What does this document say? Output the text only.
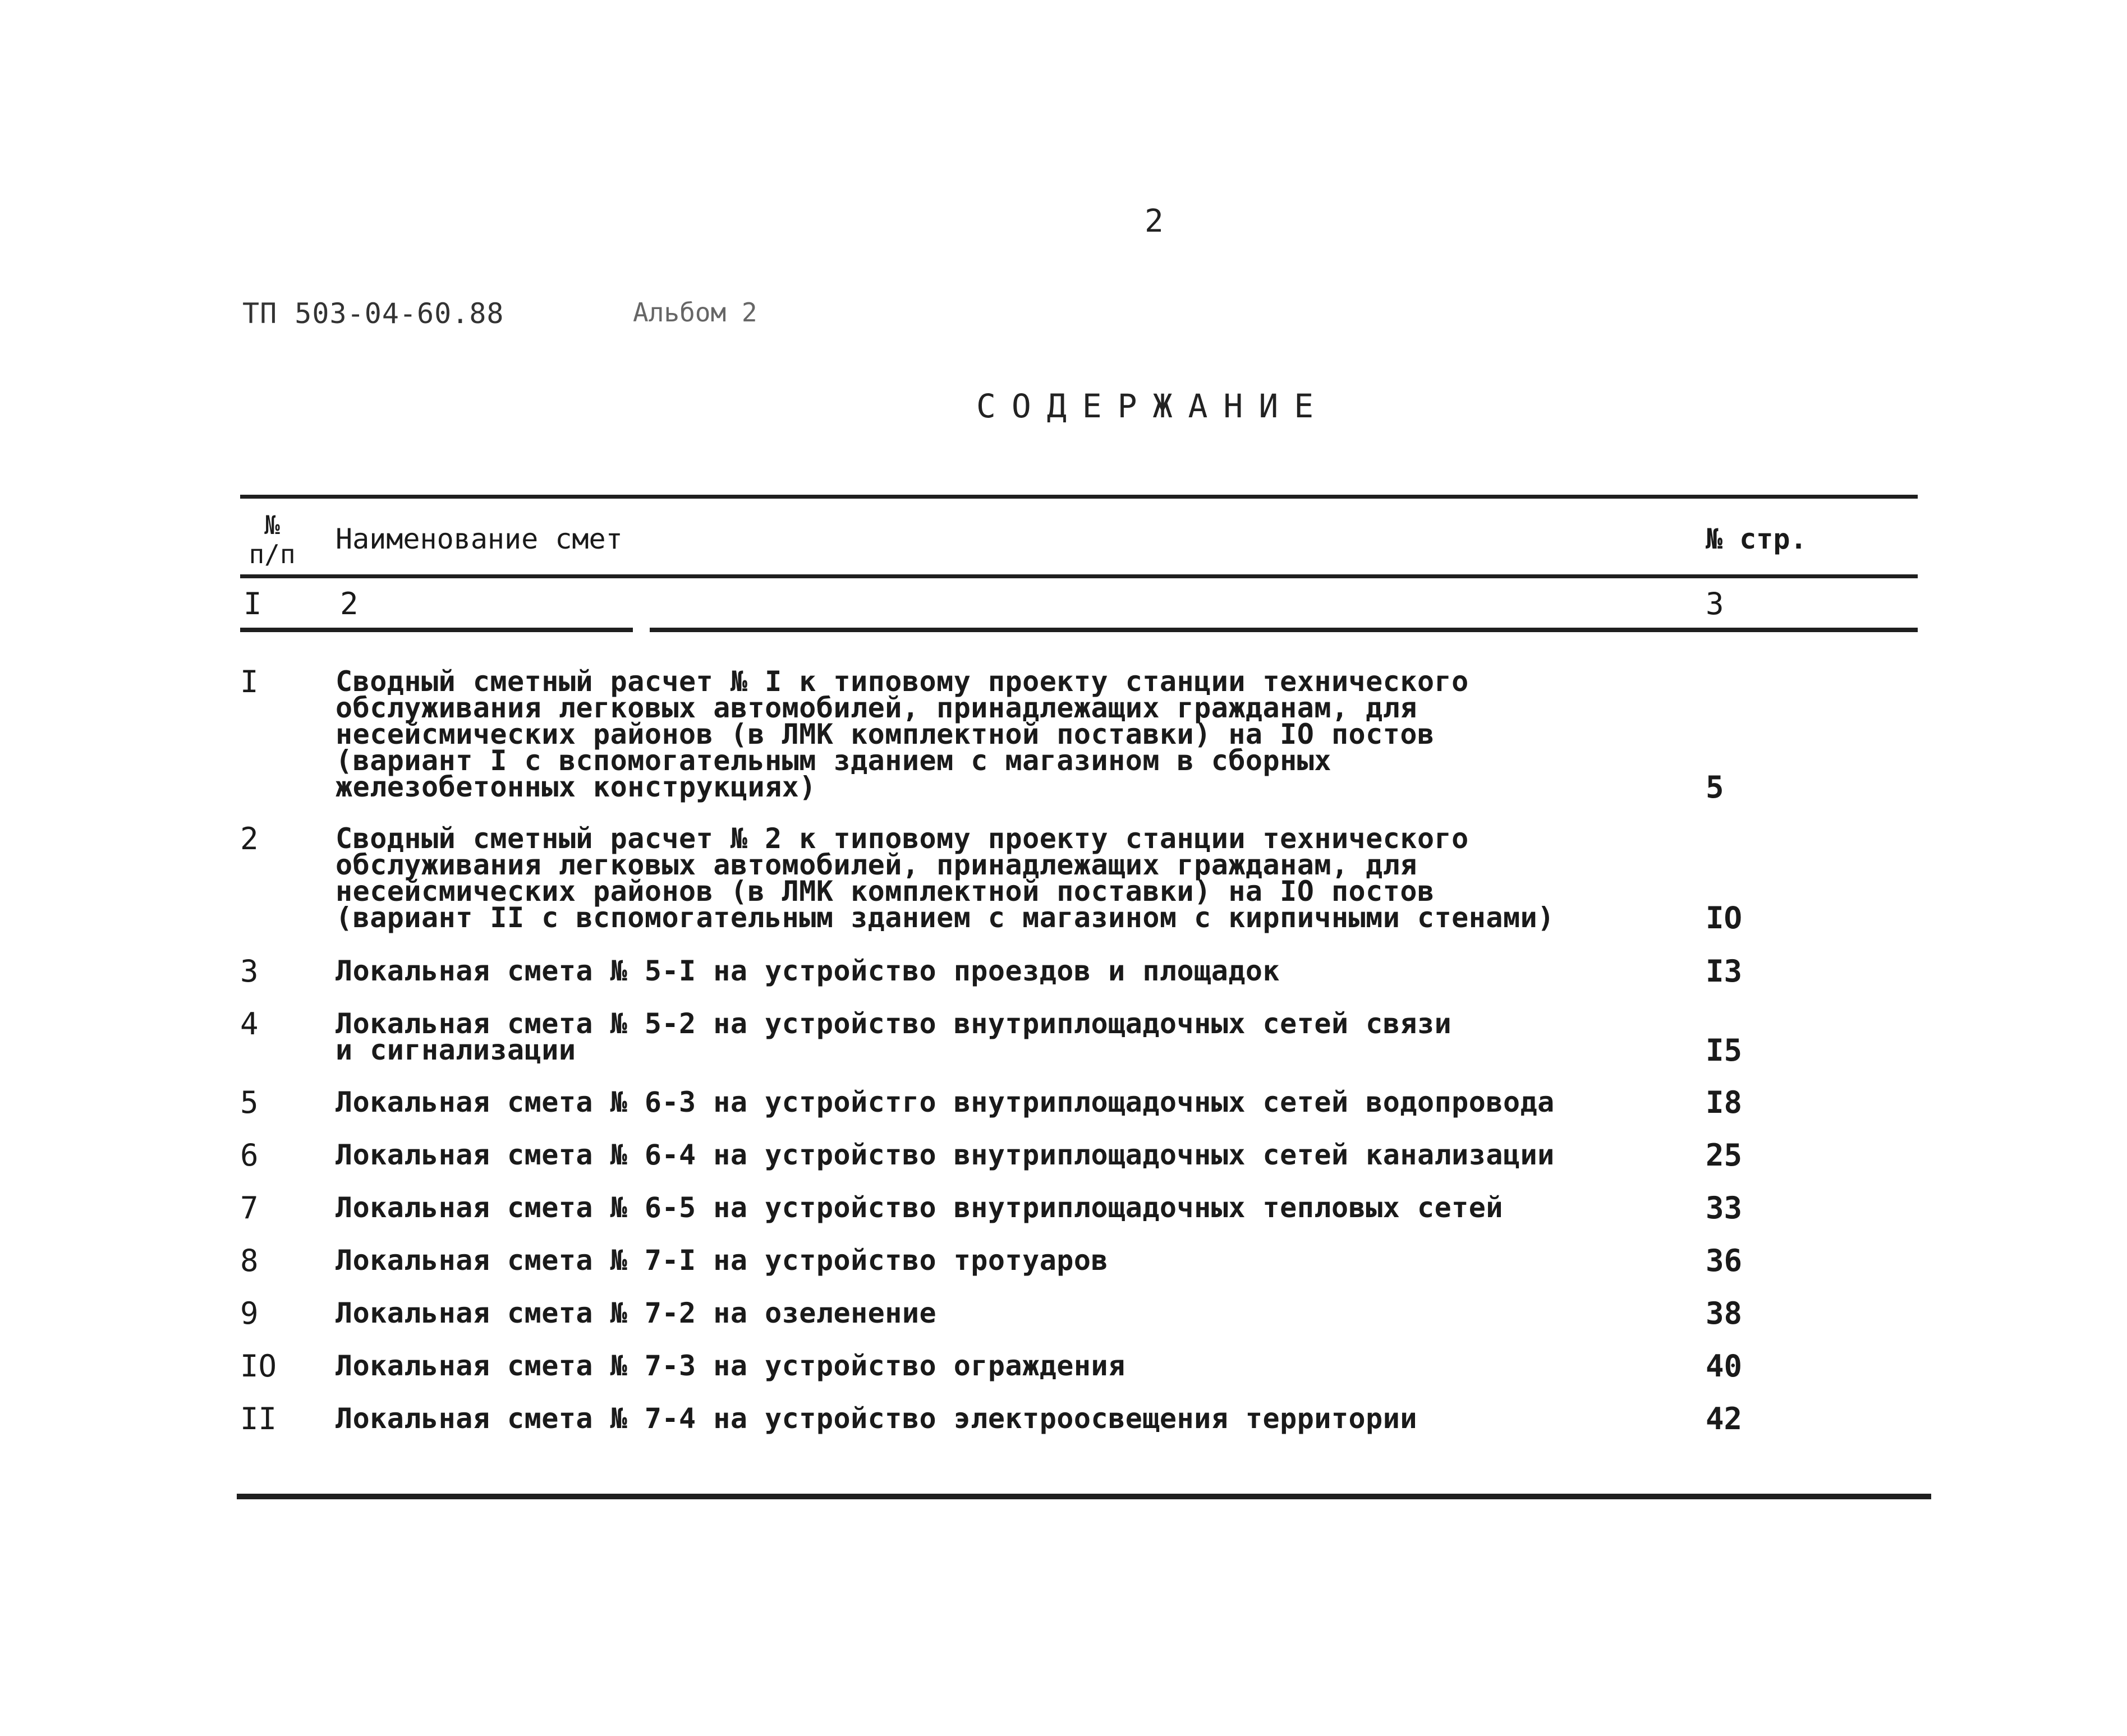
2
ТП 503-04-60.88	Альбом 2
СОДЕРЖАНИЕ
№
п/п Наименование смет	№ стр.
I	2	3
I	Сводный сметный расчет № I к типовому проекту станции технического
обслуживания легковых автомобилей, принадлежащих гражданам, для
несейсмических районов (в ЛМК комплектной поставки) на IO постов
(вариант I с вспомогательным зданием с магазином в сборных
железобетонных конструкциях)	5
2	Сводный сметный расчет № 2 к типовому проекту станции технического
обслуживания легковых автомобилей, принадлежащих гражданам, для
несейсмических районов (в ЛМК комплектной поставки) на IO постов
(вариант II с вспомогательным зданием с магазином с кирпичными стенами)	IO
3	Локальная смета № 5-I на устройство проездов и площадок	I3
4	Локальная смета № 5-2 на устройство внутриплощадочных сетей связи
и сигнализации	I5
5	Локальная смета № 6-3 на устройстго внутриплощадочных сетей водопровода	I8
6	Локальная смета № 6-4 на устройство внутриплощадочных сетей канализации	25
7	Локальная смета № 6-5 на устройство внутриплощадочных тепловых сетей	33
8	Локальная смета № 7-I на устройство тротуаров	36
9	Локальная смета № 7-2 на озеленение	38
IO Локальная смета № 7-3 на устройство ограждения	40
II Локальная смета № 7-4 на устройство электроосвещения территории	42
